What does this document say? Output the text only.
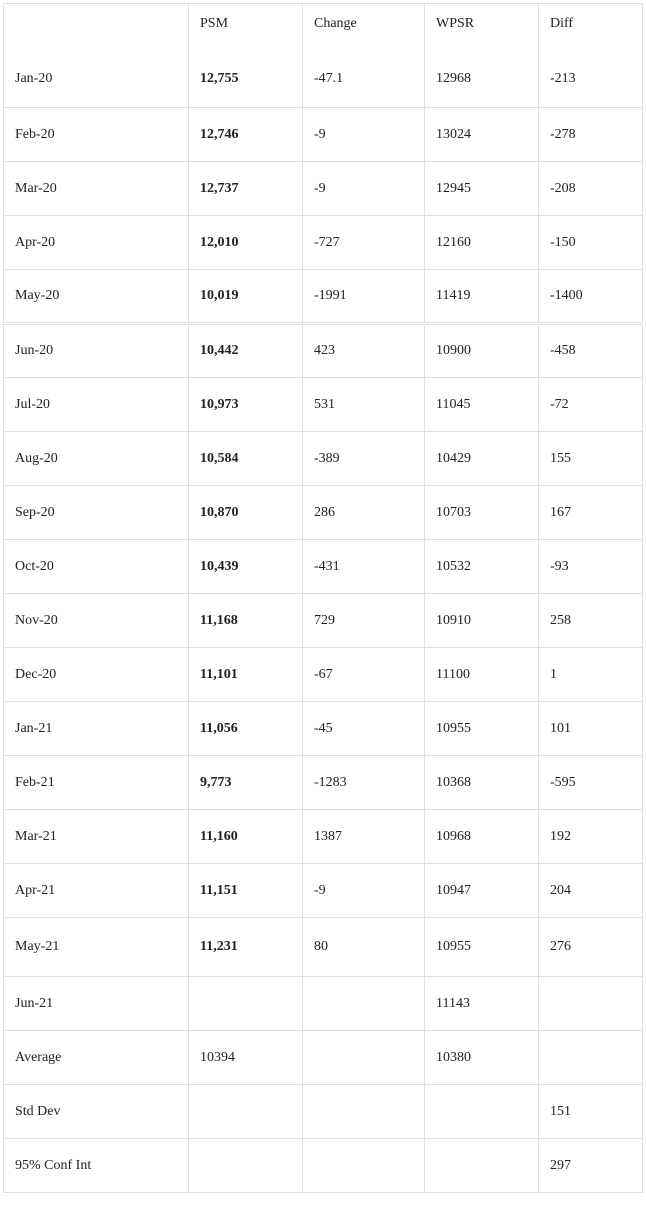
	PSM	Change	WPSR	Diff
Jan-20	12,755	-47.1	12968	-213
Feb-20	12,746	-9	13024	-278
Mar-20	12,737	-9	12945	-208
Apr-20	12,010	-727	12160	-150
May-20	10,019	-1991	11419	-1400
Jun-20	10,442	423	10900	-458
Jul-20	10,973	531	11045	-72
Aug-20	10,584	-389	10429	155
Sep-20	10,870	286	10703	167
Oct-20	10,439	-431	10532	-93
Nov-20	11,168	729	10910	258
Dec-20	11,101	-67	11100	1
Jan-21	11,056	-45	10955	101
Feb-21	9,773	-1283	10368	-595
Mar-21	11,160	1387	10968	192
Apr-21	11,151	-9	10947	204
May-21	11,231	80	10955	276
Jun-21			11143	
Average	10394		10380	
Std Dev				151
95% Conf Int				297
